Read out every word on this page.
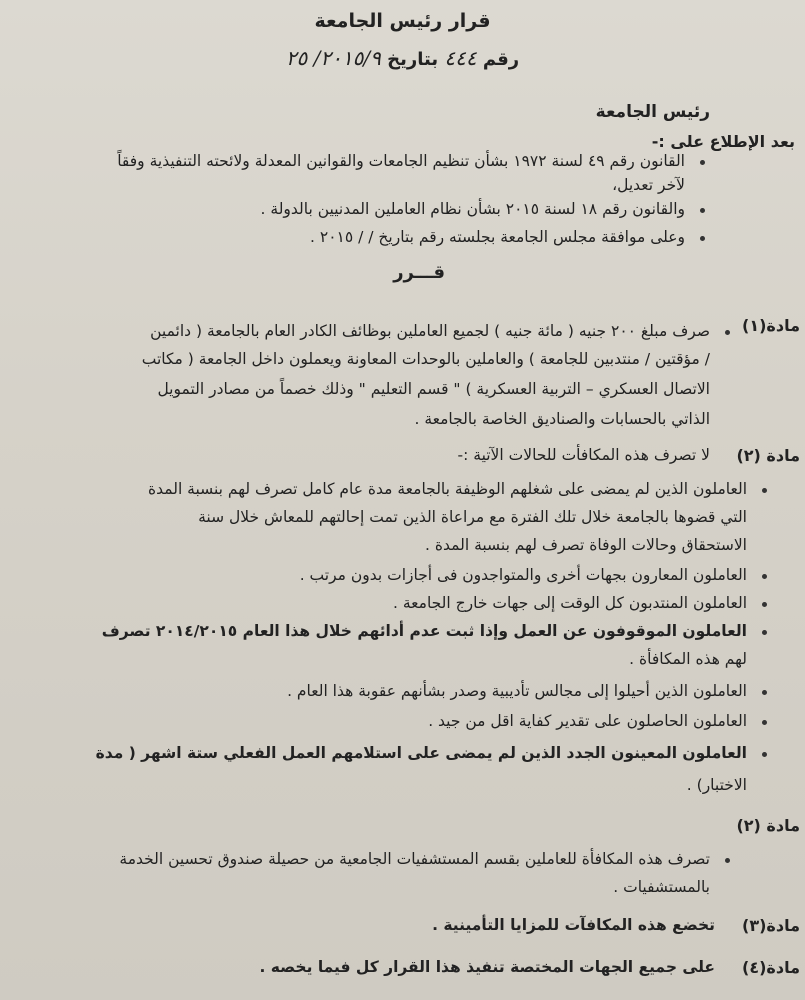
قرار رئيس الجامعة
رقم ٤٤٤ بتاريخ ٢٠١٥/٩/ ٢٥
رئيس الجامعة
بعد الإطلاع على :-
القانون رقم ٤٩ لسنة ١٩٧٢ بشأن تنظيم الجامعات والقوانين المعدلة ولائحته التنفيذية وفقاً
لآخر تعديل،
والقانون رقم ١٨ لسنة ٢٠١٥ بشأن نظام العاملين المدنيين بالدولة .
وعلى موافقة مجلس الجامعة بجلسته رقم بتاريخ / / ٢٠١٥ .
قـــرر
مادة(١)
صرف مبلغ ٢٠٠ جنيه ( مائة جنيه ) لجميع العاملين بوظائف الكادر العام بالجامعة ( دائمين
/ مؤقتين / منتدبين للجامعة ) والعاملين بالوحدات المعاونة ويعملون داخل الجامعة ( مكاتب
الاتصال العسكري – التربية العسكرية ) " قسم التعليم " وذلك خصماً من مصادر التمويل
الذاتي بالحسابات والصناديق الخاصة بالجامعة .
مادة (٢)
لا تصرف هذه المكافأت للحالات الآتية :-
العاملون الذين لم يمضى على شغلهم الوظيفة بالجامعة مدة عام كامل تصرف لهم بنسبة المدة
التي قضوها بالجامعة خلال تلك الفترة مع مراعاة الذين تمت إحالتهم للمعاش خلال سنة
الاستحقاق وحالات الوفاة تصرف لهم بنسبة المدة .
العاملون المعارون بجهات أخرى والمتواجدون فى أجازات بدون مرتب .
العاملون المنتدبون كل الوقت إلى جهات خارج الجامعة .
العاملون الموقوفون عن العمل وإذا ثبت عدم أدائهم خلال هذا العام ٢٠١٤/٢٠١٥ تصرف
لهم هذه المكافأة .
العاملون الذين أحيلوا إلى مجالس تأديبية وصدر بشأنهم عقوبة هذا العام .
العاملون الحاصلون على تقدير كفاية اقل من جيد .
العاملون المعينون الجدد الذين لم يمضى على استلامهم العمل الفعلي ستة اشهر ( مدة
الاختبار) .
مادة (٢)
تصرف هذه المكافأة للعاملين بقسم المستشفيات الجامعية من حصيلة صندوق تحسين الخدمة
بالمستشفيات .
مادة(٣)
تخضع هذه المكافآت للمزايا التأمينية .
مادة(٤)
على جميع الجهات المختصة تنفيذ هذا القرار كل فيما يخصه .
